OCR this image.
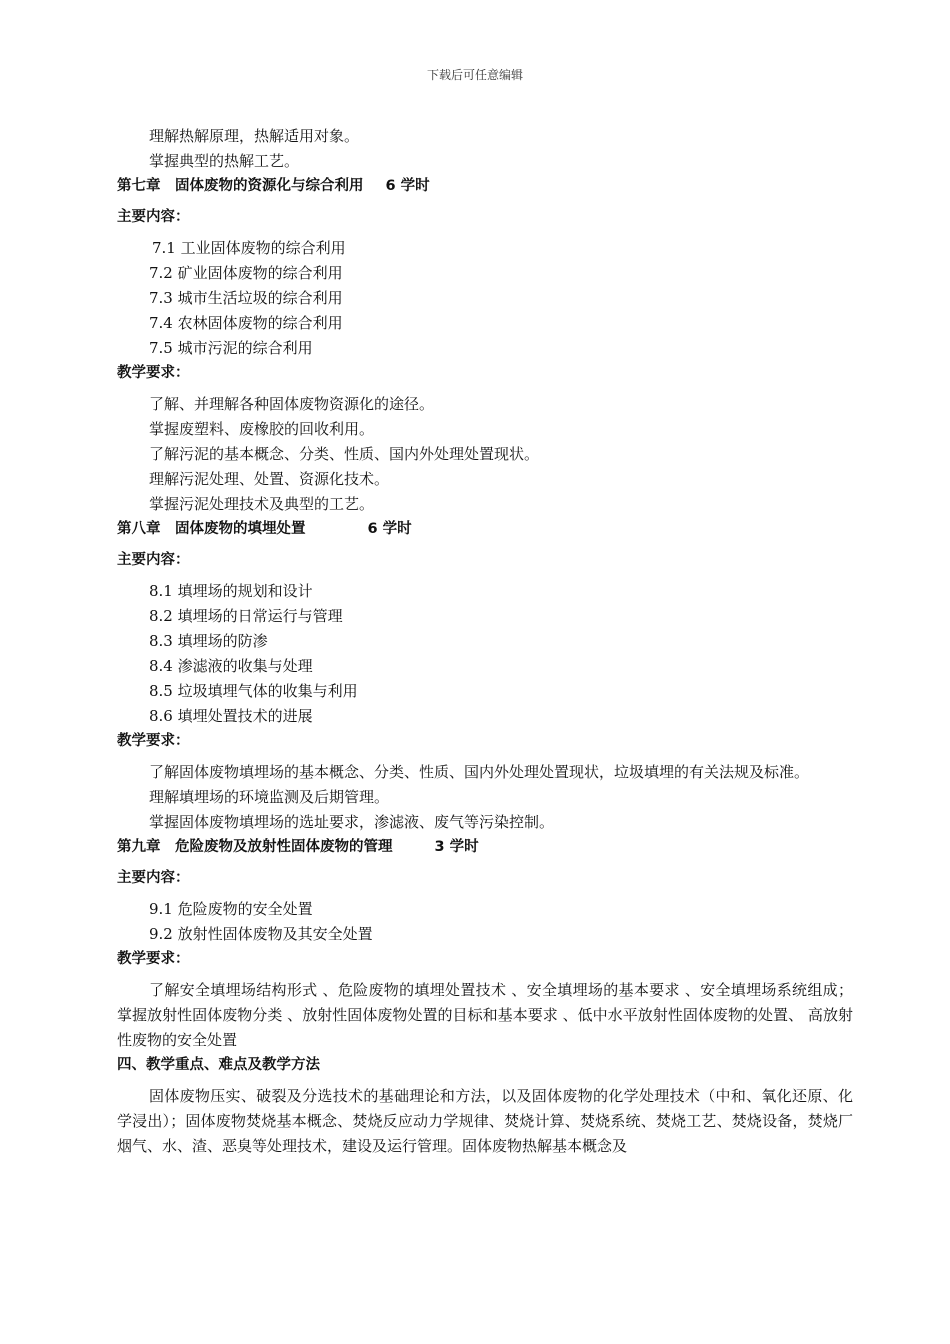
下载后可任意编辑

理解热解原理，热解适用对象。

掌握典型的热解工艺。

第七章　固体废物的资源化与综合利用 6 学时

主要内容：

7.1 工业固体废物的综合利用

7.2 矿业固体废物的综合利用

7.3 城市生活垃圾的综合利用

7.4 农林固体废物的综合利用

7.5 城市污泥的综合利用

教学要求：

了解、并理解各种固体废物资源化的途径。

掌握废塑料、废橡胶的回收利用。

了解污泥的基本概念、分类、性质、国内外处理处置现状。

理解污泥处理、处置、资源化技术。

掌握污泥处理技术及典型的工艺。

第八章　固体废物的填埋处置	6 学时

主要内容：

8.1 填埋场的规划和设计

8.2 填埋场的日常运行与管理

8.3 填埋场的防渗

8.4 渗滤液的收集与处理

8.5 垃圾填埋气体的收集与利用

8.6 填埋处置技术的进展

教学要求：

了解固体废物填埋场的基本概念、分类、性质、国内外处理处置现状，垃圾填埋的有关法规及标准。

理解填埋场的环境监测及后期管理。

掌握固体废物填埋场的选址要求，渗滤液、废气等污染控制。

第九章　危险废物及放射性固体废物的管理	3 学时

主要内容：

9.1 危险废物的安全处置

9.2 放射性固体废物及其安全处置

教学要求：

了解安全填埋场结构形式 、危险废物的填埋处置技术 、安全填埋场的基本要求 、安全填埋场系统组成；掌握放射性固体废物分类 、放射性固体废物处置的目标和基本要求 、低中水平放射性固体废物的处置、 高放射性废物的安全处置

四、教学重点、难点及教学方法

固体废物压实、破裂及分选技术的基础理论和方法，以及固体废物的化学处理技术（中和、氧化还原、化学浸出）；固体废物焚烧基本概念、焚烧反应动力学规律、焚烧计算、焚烧系统、焚烧工艺、焚烧设备，焚烧厂烟气、水、渣、恶臭等处理技术，建设及运行管理。固体废物热解基本概念及
